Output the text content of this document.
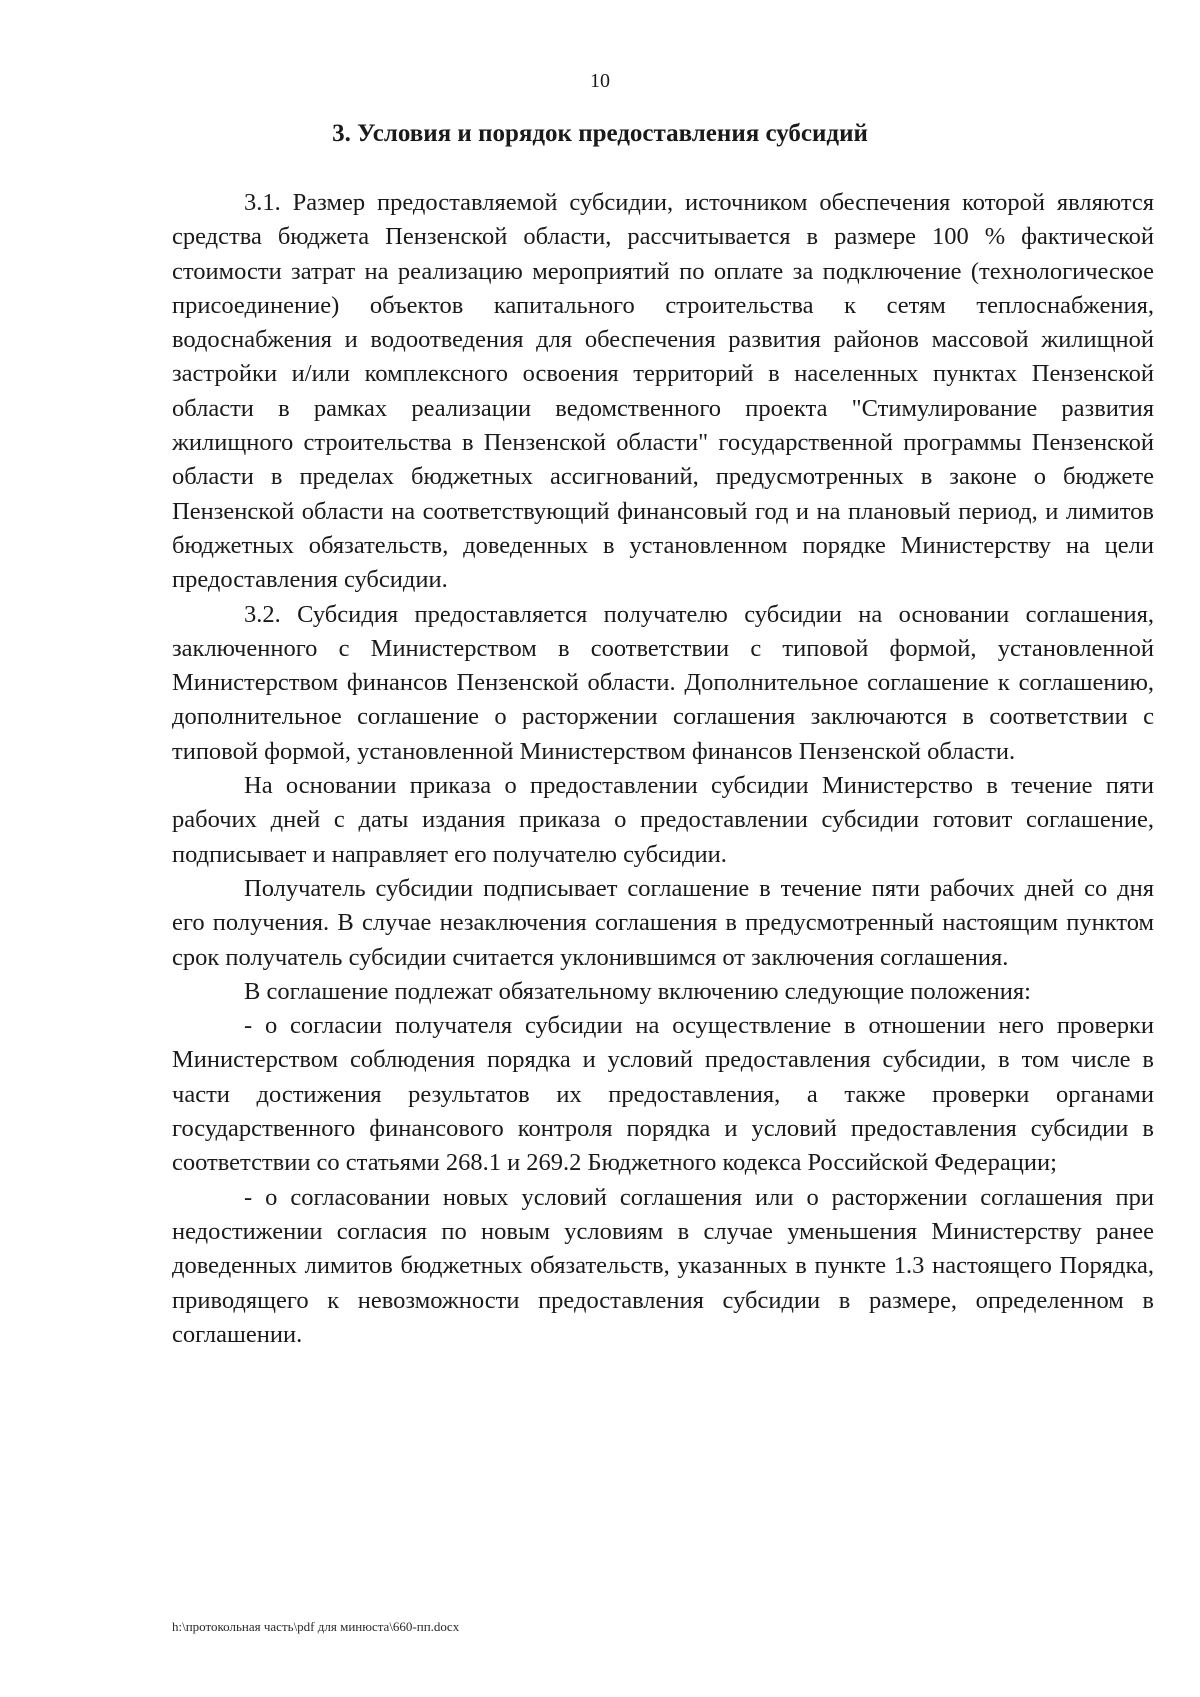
10
3. Условия и порядок предоставления субсидий

3.1. Размер предоставляемой субсидии, источником обеспечения которой являются средства бюджета Пензенской области, рассчитывается в размере 100 % фактической стоимости затрат на реализацию мероприятий по оплате за подключение (технологическое присоединение) объектов капитального строительства к сетям теплоснабжения, водоснабжения и водоотведения для обеспечения развития районов массовой жилищной застройки и/или комплексного освоения территорий в населенных пунктах Пензенской области в рамках реализации ведомственного проекта "Стимулирование развития жилищного строительства в Пензенской области" государственной программы Пензенской области в пределах бюджетных ассигнований, предусмотренных в законе о бюджете Пензенской области на соответствующий финансовый год и на плановый период, и лимитов бюджетных обязательств, доведенных в установленном порядке Министерству на цели предоставления субсидии.

3.2. Субсидия предоставляется получателю субсидии на основании соглашения, заключенного с Министерством в соответствии с типовой формой, установленной Министерством финансов Пензенской области. Дополнительное соглашение к соглашению, дополнительное соглашение о расторжении соглашения заключаются в соответствии с типовой формой, установленной Министерством финансов Пензенской области.

На основании приказа о предоставлении субсидии Министерство в течение пяти рабочих дней с даты издания приказа о предоставлении субсидии готовит соглашение, подписывает и направляет его получателю субсидии.

Получатель субсидии подписывает соглашение в течение пяти рабочих дней со дня его получения. В случае незаключения соглашения в предусмотренный настоящим пунктом срок получатель субсидии считается уклонившимся от заключения соглашения.

В соглашение подлежат обязательному включению следующие положения:

- о согласии получателя субсидии на осуществление в отношении него проверки Министерством соблюдения порядка и условий предоставления субсидии, в том числе в части достижения результатов их предоставления, а также проверки органами государственного финансового контроля порядка и условий предоставления субсидии в соответствии со статьями 268.1 и 269.2 Бюджетного кодекса Российской Федерации;

- о согласовании новых условий соглашения или о расторжении соглашения при недостижении согласия по новым условиям в случае уменьшения Министерству ранее доведенных лимитов бюджетных обязательств, указанных в пункте 1.3 настоящего Порядка, приводящего к невозможности предоставления субсидии в размере, определенном в соглашении.

h:\протокольная часть\pdf для минюста\660-пп.docx
